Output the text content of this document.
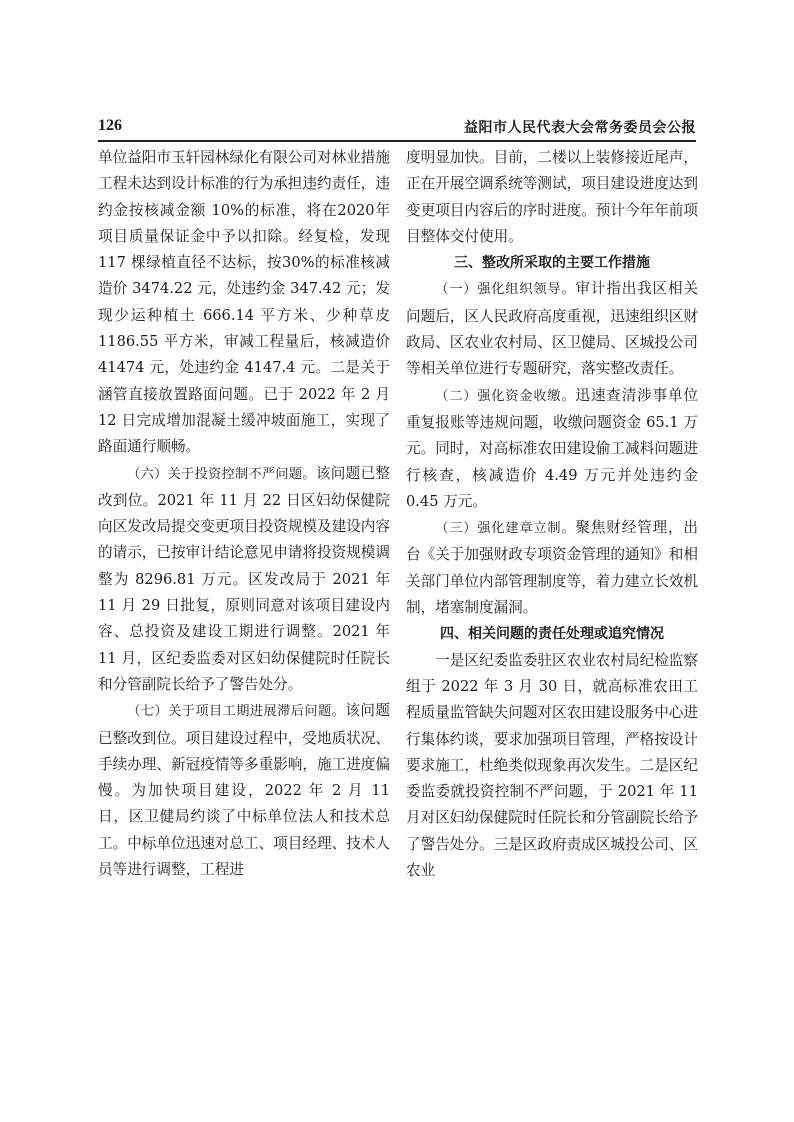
126	益阳市人民代表大会常务委员会公报

单位益阳市玉轩园林绿化有限公司对林业措施工程未达到设计标准的行为承担违约责任，违约金按核减金额 10%的标准，将在2020年项目质量保证金中予以扣除。经复检，发现 117 棵绿植直径不达标，按30%的标准核减造价 3474.22 元，处违约金 347.42 元；发现少运种植土 666.14 平方米、少种草皮 1186.55 平方米，审减工程量后，核减造价 41474 元，处违约金 4147.4 元。二是关于涵管直接放置路面问题。已于 2022 年 2 月 12 日完成增加混凝土缓冲坡面施工，实现了路面通行顺畅。

（六）关于投资控制不严问题。该问题已整改到位。2021 年 11 月 22 日区妇幼保健院向区发改局提交变更项目投资规模及建设内容的请示，已按审计结论意见申请将投资规模调整为 8296.81 万元。区发改局于 2021 年 11 月 29 日批复，原则同意对该项目建设内容、总投资及建设工期进行调整。2021 年 11 月，区纪委监委对区妇幼保健院时任院长和分管副院长给予了警告处分。

（七）关于项目工期进展滞后问题。该问题已整改到位。项目建设过程中，受地质状况、手续办理、新冠疫情等多重影响，施工进度偏慢。为加快项目建设，2022 年 2 月 11 日，区卫健局约谈了中标单位法人和技术总工。中标单位迅速对总工、项目经理、技术人员等进行调整，工程进

度明显加快。目前，二楼以上装修接近尾声，正在开展空调系统等测试，项目建设进度达到变更项目内容后的序时进度。预计今年年前项目整体交付使用。

三、整改所采取的主要工作措施

（一）强化组织领导。审计指出我区相关问题后，区人民政府高度重视，迅速组织区财政局、区农业农村局、区卫健局、区城投公司等相关单位进行专题研究，落实整改责任。

（二）强化资金收缴。迅速查清涉事单位重复报账等违规问题，收缴问题资金 65.1 万元。同时，对高标准农田建设偷工减料问题进行核查，核减造价 4.49 万元并处违约金 0.45 万元。

（三）强化建章立制。聚焦财经管理，出台《关于加强财政专项资金管理的通知》和相关部门单位内部管理制度等，着力建立长效机制，堵塞制度漏洞。

四、相关问题的责任处理或追究情况

一是区纪委监委驻区农业农村局纪检监察组于 2022 年 3 月 30 日，就高标准农田工程质量监管缺失问题对区农田建设服务中心进行集体约谈，要求加强项目管理，严格按设计要求施工，杜绝类似现象再次发生。二是区纪委监委就投资控制不严问题，于 2021 年 11 月对区妇幼保健院时任院长和分管副院长给予了警告处分。三是区政府责成区城投公司、区农业
